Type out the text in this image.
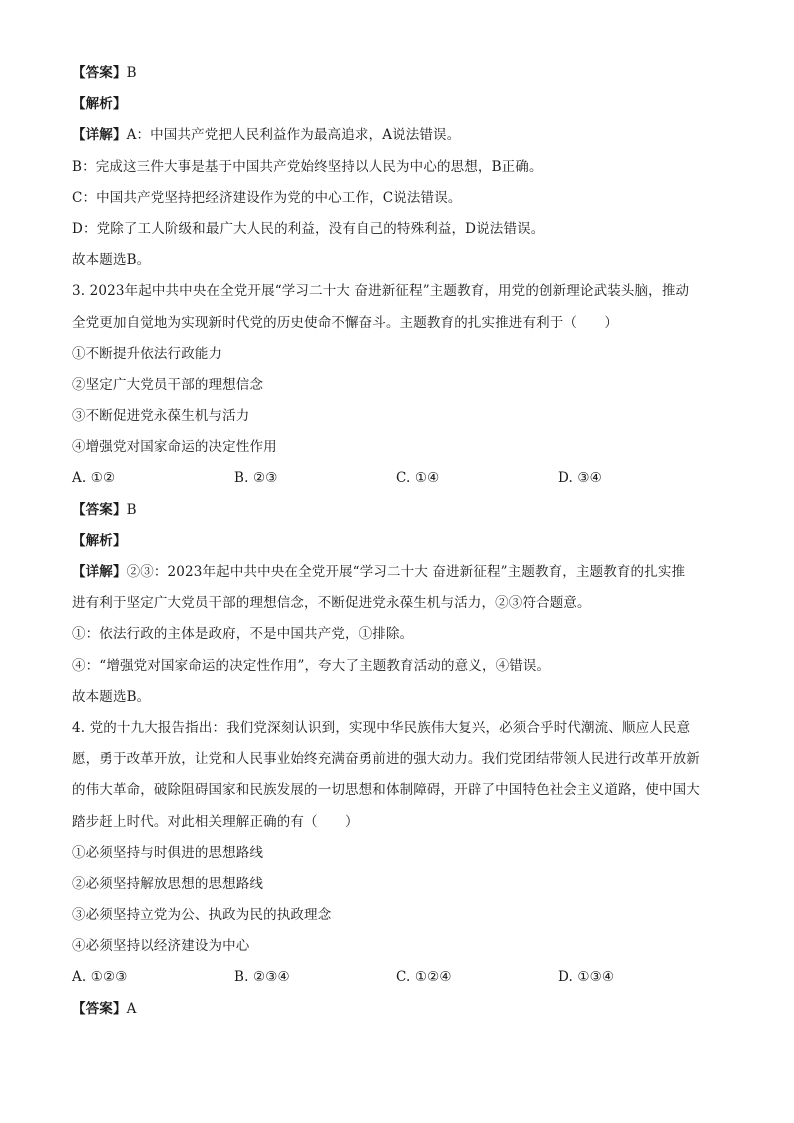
【答案】B
【解析】
【详解】A：中国共产党把人民利益作为最高追求，A说法错误。
B：完成这三件大事是基于中国共产党始终坚持以人民为中心的思想，B正确。
C：中国共产党坚持把经济建设作为党的中心工作，C说法错误。
D：党除了工人阶级和最广大人民的利益，没有自己的特殊利益，D说法错误。
故本题选B。
3. 2023年起中共中央在全党开展“学习二十大 奋进新征程”主题教育，用党的创新理论武装头脑，推动
全党更加自觉地为实现新时代党的历史使命不懈奋斗。主题教育的扎实推进有利于（　　）
①不断提升依法行政能力
②坚定广大党员干部的理想信念
③不断促进党永葆生机与活力
④增强党对国家命运的决定性作用
A. ①②	B. ②③	C. ①④	D. ③④
【答案】B
【解析】
【详解】②③：2023年起中共中央在全党开展“学习二十大 奋进新征程”主题教育，主题教育的扎实推
进有利于坚定广大党员干部的理想信念，不断促进党永葆生机与活力，②③符合题意。
①：依法行政的主体是政府，不是中国共产党，①排除。
④：“增强党对国家命运的决定性作用”，夸大了主题教育活动的意义，④错误。
故本题选B。
4. 党的十九大报告指出：我们党深刻认识到，实现中华民族伟大复兴，必须合乎时代潮流、顺应人民意
愿，勇于改革开放，让党和人民事业始终充满奋勇前进的强大动力。我们党团结带领人民进行改革开放新
的伟大革命，破除阻碍国家和民族发展的一切思想和体制障碍，开辟了中国特色社会主义道路，使中国大
踏步赶上时代。对此相关理解正确的有（　　）
①必须坚持与时俱进的思想路线
②必须坚持解放思想的思想路线
③必须坚持立党为公、执政为民的执政理念
④必须坚持以经济建设为中心
A. ①②③	B. ②③④	C. ①②④	D. ①③④
【答案】A
